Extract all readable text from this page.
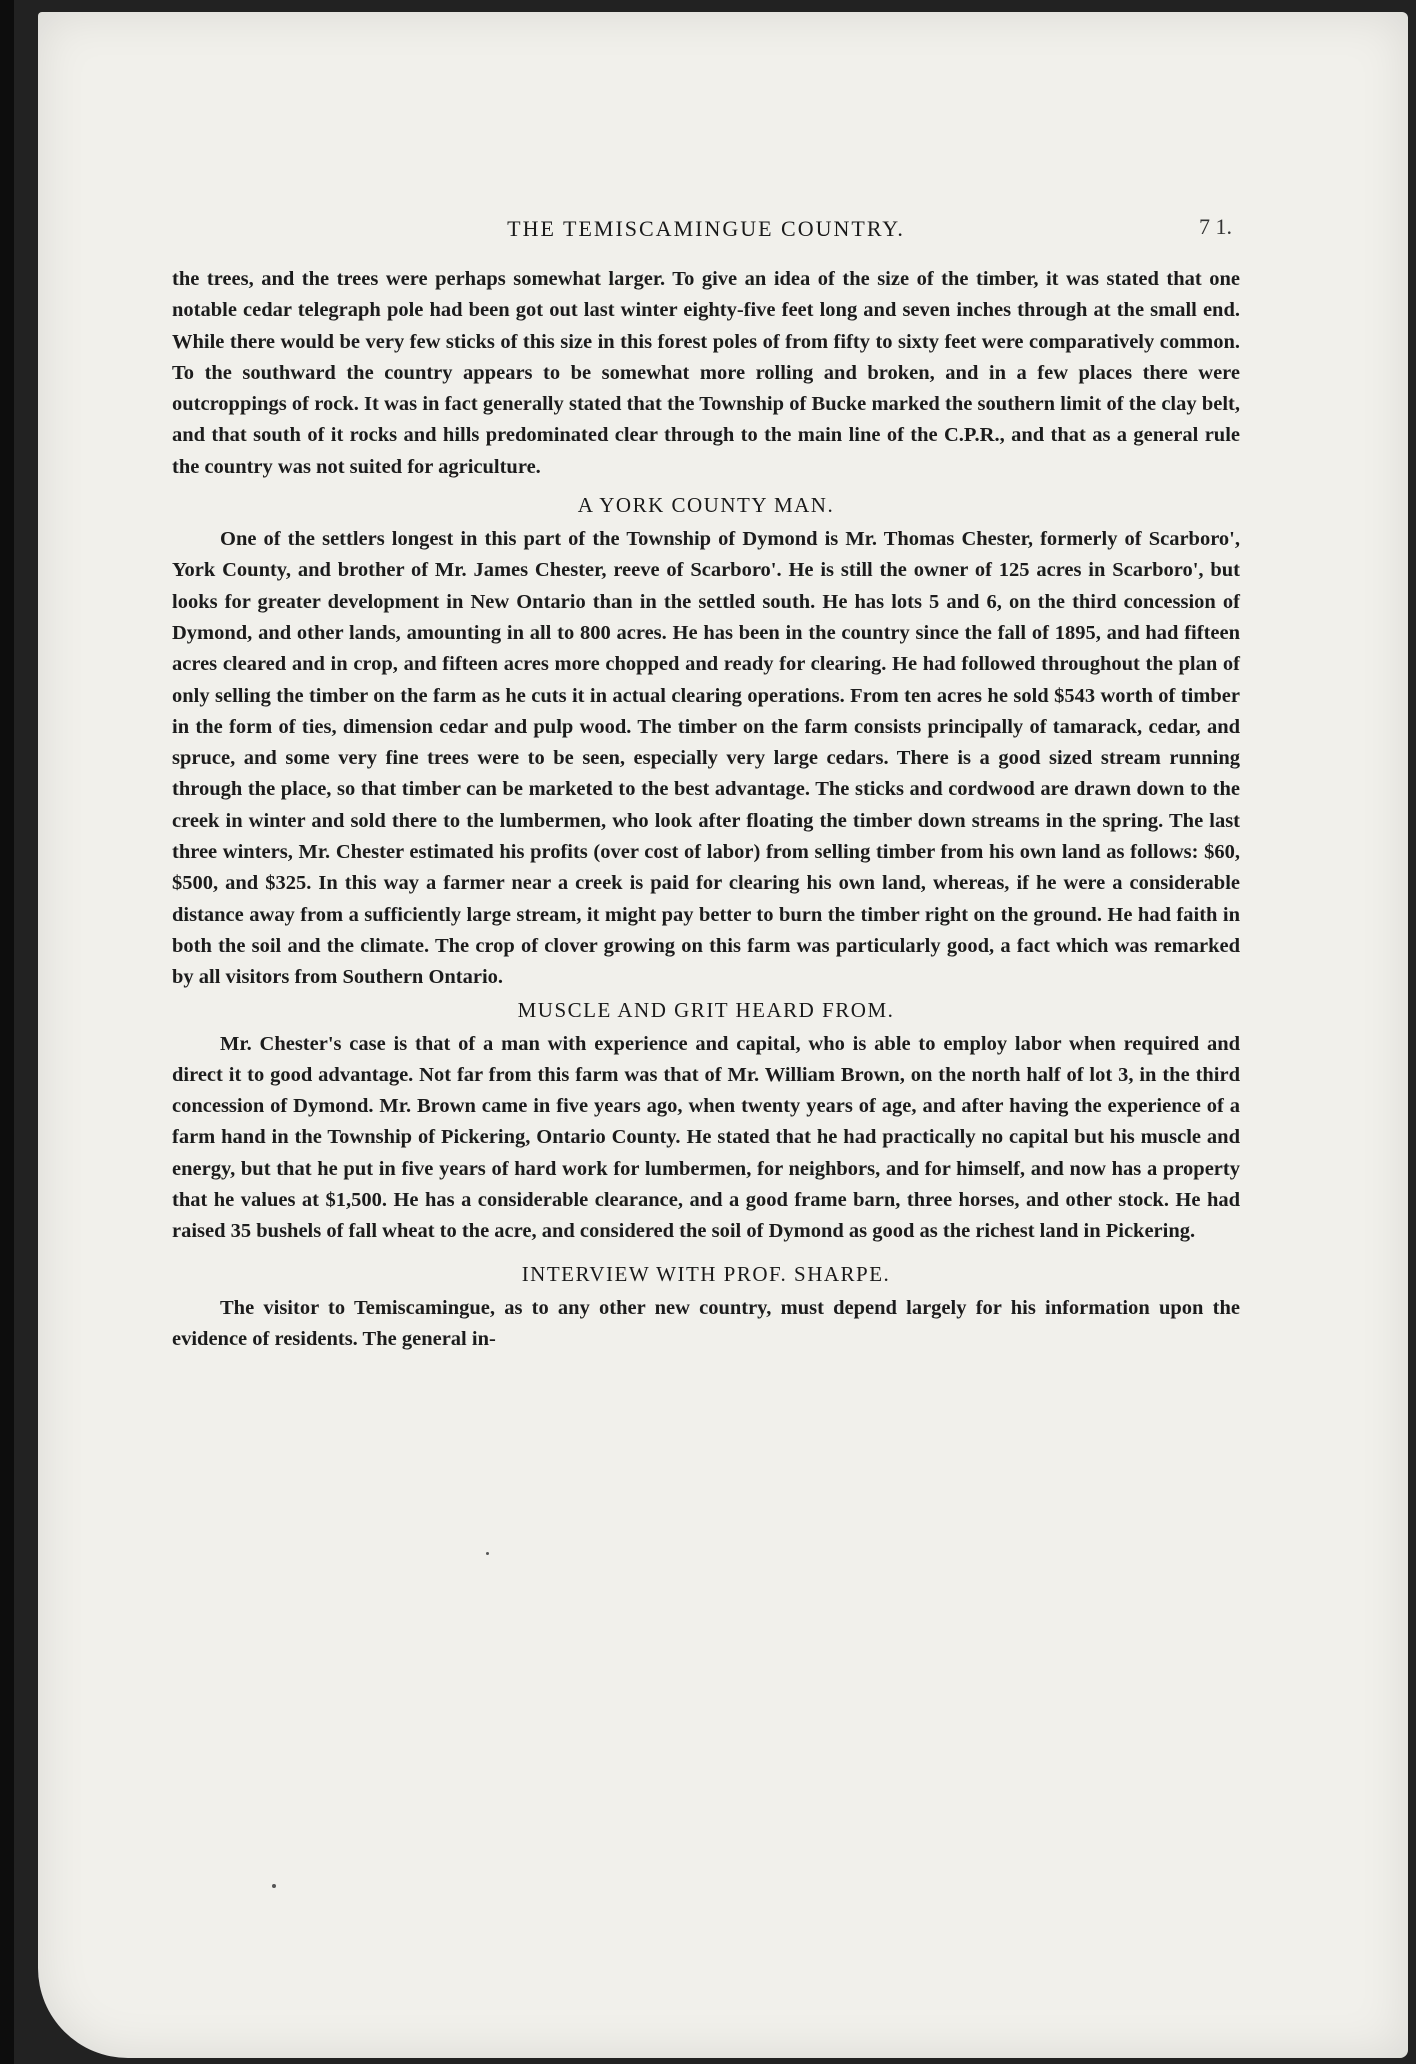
THE TEMISCAMINGUE COUNTRY.	7 1.

the trees, and the trees were perhaps somewhat larger. To give an idea of the size of the timber, it was stated that one notable cedar telegraph pole had been got out last winter eighty-five feet long and seven inches through at the small end. While there would be very few sticks of this size in this forest poles of from fifty to sixty feet were comparatively common. To the southward the country appears to be somewhat more rolling and broken, and in a few places there were outcroppings of rock. It was in fact generally stated that the Township of Bucke marked the southern limit of the clay belt, and that south of it rocks and hills predominated clear through to the main line of the C.P.R., and that as a general rule the country was not suited for agriculture.

A YORK COUNTY MAN.

One of the settlers longest in this part of the Township of Dymond is Mr. Thomas Chester, formerly of Scarboro', York County, and brother of Mr. James Chester, reeve of Scarboro'. He is still the owner of 125 acres in Scarboro', but looks for greater development in New Ontario than in the settled south. He has lots 5 and 6, on the third concession of Dymond, and other lands, amounting in all to 800 acres. He has been in the country since the fall of 1895, and had fifteen acres cleared and in crop, and fifteen acres more chopped and ready for clearing. He had followed throughout the plan of only selling the timber on the farm as he cuts it in actual clearing operations. From ten acres he sold $543 worth of timber in the form of ties, dimension cedar and pulp wood. The timber on the farm consists principally of tamarack, cedar, and spruce, and some very fine trees were to be seen, especially very large cedars. There is a good sized stream running through the place, so that timber can be marketed to the best advantage. The sticks and cordwood are drawn down to the creek in winter and sold there to the lumbermen, who look after floating the timber down streams in the spring. The last three winters, Mr. Chester estimated his profits (over cost of labor) from selling timber from his own land as follows: $60, $500, and $325. In this way a farmer near a creek is paid for clearing his own land, whereas, if he were a considerable distance away from a sufficiently large stream, it might pay better to burn the timber right on the ground. He had faith in both the soil and the climate. The crop of clover growing on this farm was particularly good, a fact which was remarked by all visitors from Southern Ontario.

MUSCLE AND GRIT HEARD FROM.

Mr. Chester's case is that of a man with experience and capital, who is able to employ labor when required and direct it to good advantage. Not far from this farm was that of Mr. William Brown, on the north half of lot 3, in the third concession of Dymond. Mr. Brown came in five years ago, when twenty years of age, and after having the experience of a farm hand in the Township of Pickering, Ontario County. He stated that he had practically no capital but his muscle and energy, but that he put in five years of hard work for lumbermen, for neighbors, and for himself, and now has a property that he values at $1,500. He has a considerable clearance, and a good frame barn, three horses, and other stock. He had raised 35 bushels of fall wheat to the acre, and considered the soil of Dymond as good as the richest land in Pickering.

INTERVIEW WITH PROF. SHARPE.

The visitor to Temiscamingue, as to any other new country, must depend largely for his information upon the evidence of residents. The general in-
